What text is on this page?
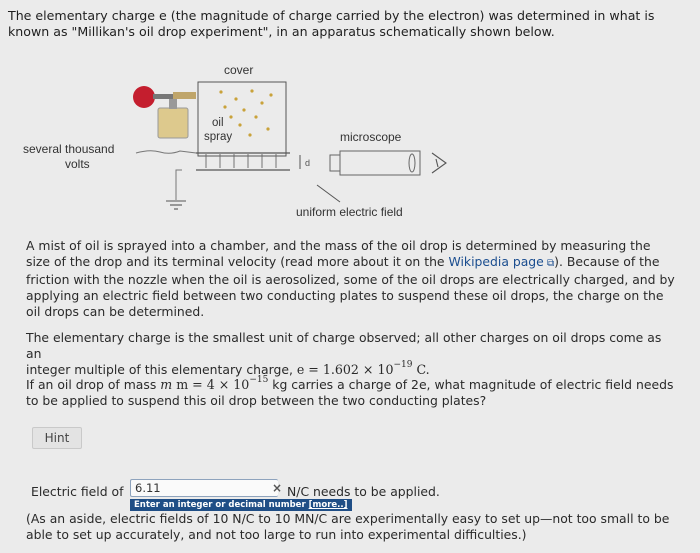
The elementary charge e (the magnitude of charge carried by the electron) was determined in what is known as "Millikan's oil drop experiment", in an apparatus schematically shown below.
cover
oil
spray
d
several thousand
volts
microscope
uniform electric field
A mist of oil is sprayed into a chamber, and the mass of the oil drop is determined by measuring the size of the drop and its terminal velocity (read more about it on the Wikipedia page ⧉). Because of the friction with the nozzle when the oil is aerosolized, some of the oil drops are electrically charged, and by applying an electric field between two conducting plates to suspend these oil drops, the charge on the oil drops can be determined.
The elementary charge is the smallest unit of charge observed; all other charges on oil drops come as an
integer multiple of this elementary charge, $e = 1.602 \times 10^{-19}$ C.
If an oil drop of mass m $m = 4 \times 10^{-15}$ kg carries a charge of 2e, what magnitude of electric field needs
to be applied to suspend this oil drop between the two conducting plates?
Hint
Electric field of
6.11	× N/C needs to be applied.
Enter an integer or decimal number [more..]
(As an aside, electric fields of 10 N/C to 10 MN/C are experimentally easy to set up—not too small to be able to set up accurately, and not too large to run into experimental difficulties.)
